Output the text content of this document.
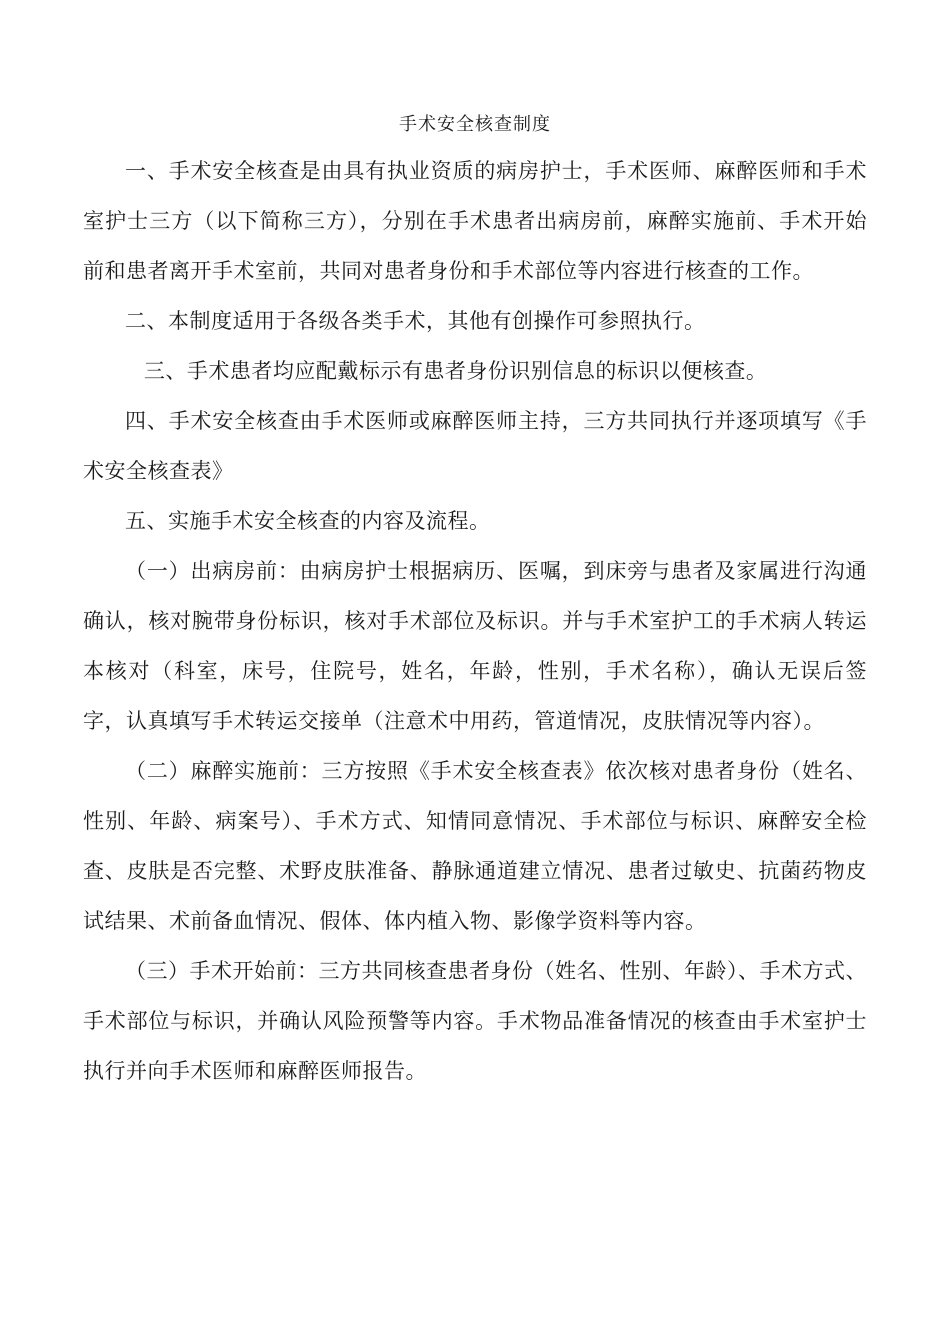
手术安全核查制度

一、手术安全核查是由具有执业资质的病房护士，手术医师、麻醉医师和手术室护士三方（以下简称三方），分别在手术患者出病房前，麻醉实施前、手术开始前和患者离开手术室前，共同对患者身份和手术部位等内容进行核查的工作。

二、本制度适用于各级各类手术，其他有创操作可参照执行。

三、手术患者均应配戴标示有患者身份识别信息的标识以便核查。

四、手术安全核查由手术医师或麻醉医师主持，三方共同执行并逐项填写《手术安全核查表》

五、实施手术安全核查的内容及流程。

（一）出病房前：由病房护士根据病历、医嘱，到床旁与患者及家属进行沟通确认，核对腕带身份标识，核对手术部位及标识。并与手术室护工的手术病人转运本核对（科室，床号，住院号，姓名，年龄，性别，手术名称），确认无误后签字，认真填写手术转运交接单（注意术中用药，管道情况，皮肤情况等内容）。

（二）麻醉实施前：三方按照《手术安全核查表》依次核对患者身份（姓名、性别、年龄、病案号）、手术方式、知情同意情况、手术部位与标识、麻醉安全检查、皮肤是否完整、术野皮肤准备、静脉通道建立情况、患者过敏史、抗菌药物皮试结果、术前备血情况、假体、体内植入物、影像学资料等内容。

（三）手术开始前：三方共同核查患者身份（姓名、性别、年龄）、手术方式、手术部位与标识，并确认风险预警等内容。手术物品准备情况的核查由手术室护士执行并向手术医师和麻醉医师报告。
